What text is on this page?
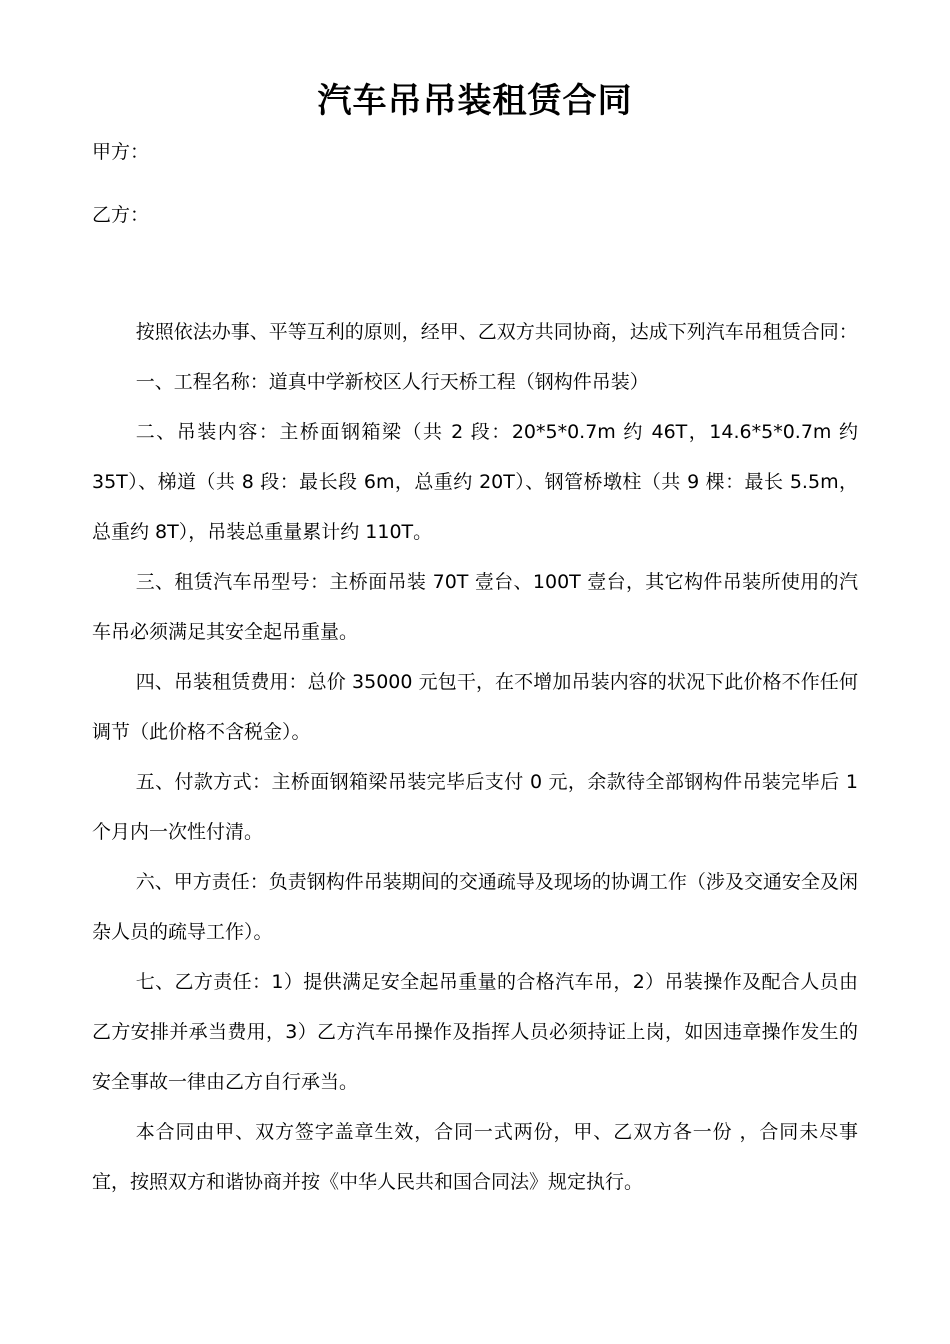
汽车吊吊装租赁合同

甲方：

乙方：

按照依法办事、平等互利的原则，经甲、乙双方共同协商，达成下列汽车吊租赁合同：

一、工程名称：道真中学新校区人行天桥工程（钢构件吊装）

二、吊装内容：主桥面钢箱梁（共 2 段：20*5*0.7m 约 46T，14.6*5*0.7m 约 35T）、梯道（共 8 段：最长段 6m，总重约 20T）、钢管桥墩柱（共 9 棵：最长 5.5m，总重约 8T），吊装总重量累计约 110T。

三、租赁汽车吊型号：主桥面吊装 70T 壹台、100T 壹台，其它构件吊装所使用的汽车吊必须满足其安全起吊重量。

四、吊装租赁费用：总价 35000 元包干，在不增加吊装内容的状况下此价格不作任何调节（此价格不含税金）。

五、付款方式：主桥面钢箱梁吊装完毕后支付 0 元，余款待全部钢构件吊装完毕后 1 个月内一次性付清。

六、甲方责任：负责钢构件吊装期间的交通疏导及现场的协调工作（涉及交通安全及闲杂人员的疏导工作）。

七、乙方责任：1）提供满足安全起吊重量的合格汽车吊，2）吊装操作及配合人员由乙方安排并承当费用，3）乙方汽车吊操作及指挥人员必须持证上岗，如因违章操作发生的安全事故一律由乙方自行承当。

本合同由甲、双方签字盖章生效，合同一式两份，甲、乙双方各一份 ，合同未尽事宜，按照双方和谐协商并按《中华人民共和国合同法》规定执行。
